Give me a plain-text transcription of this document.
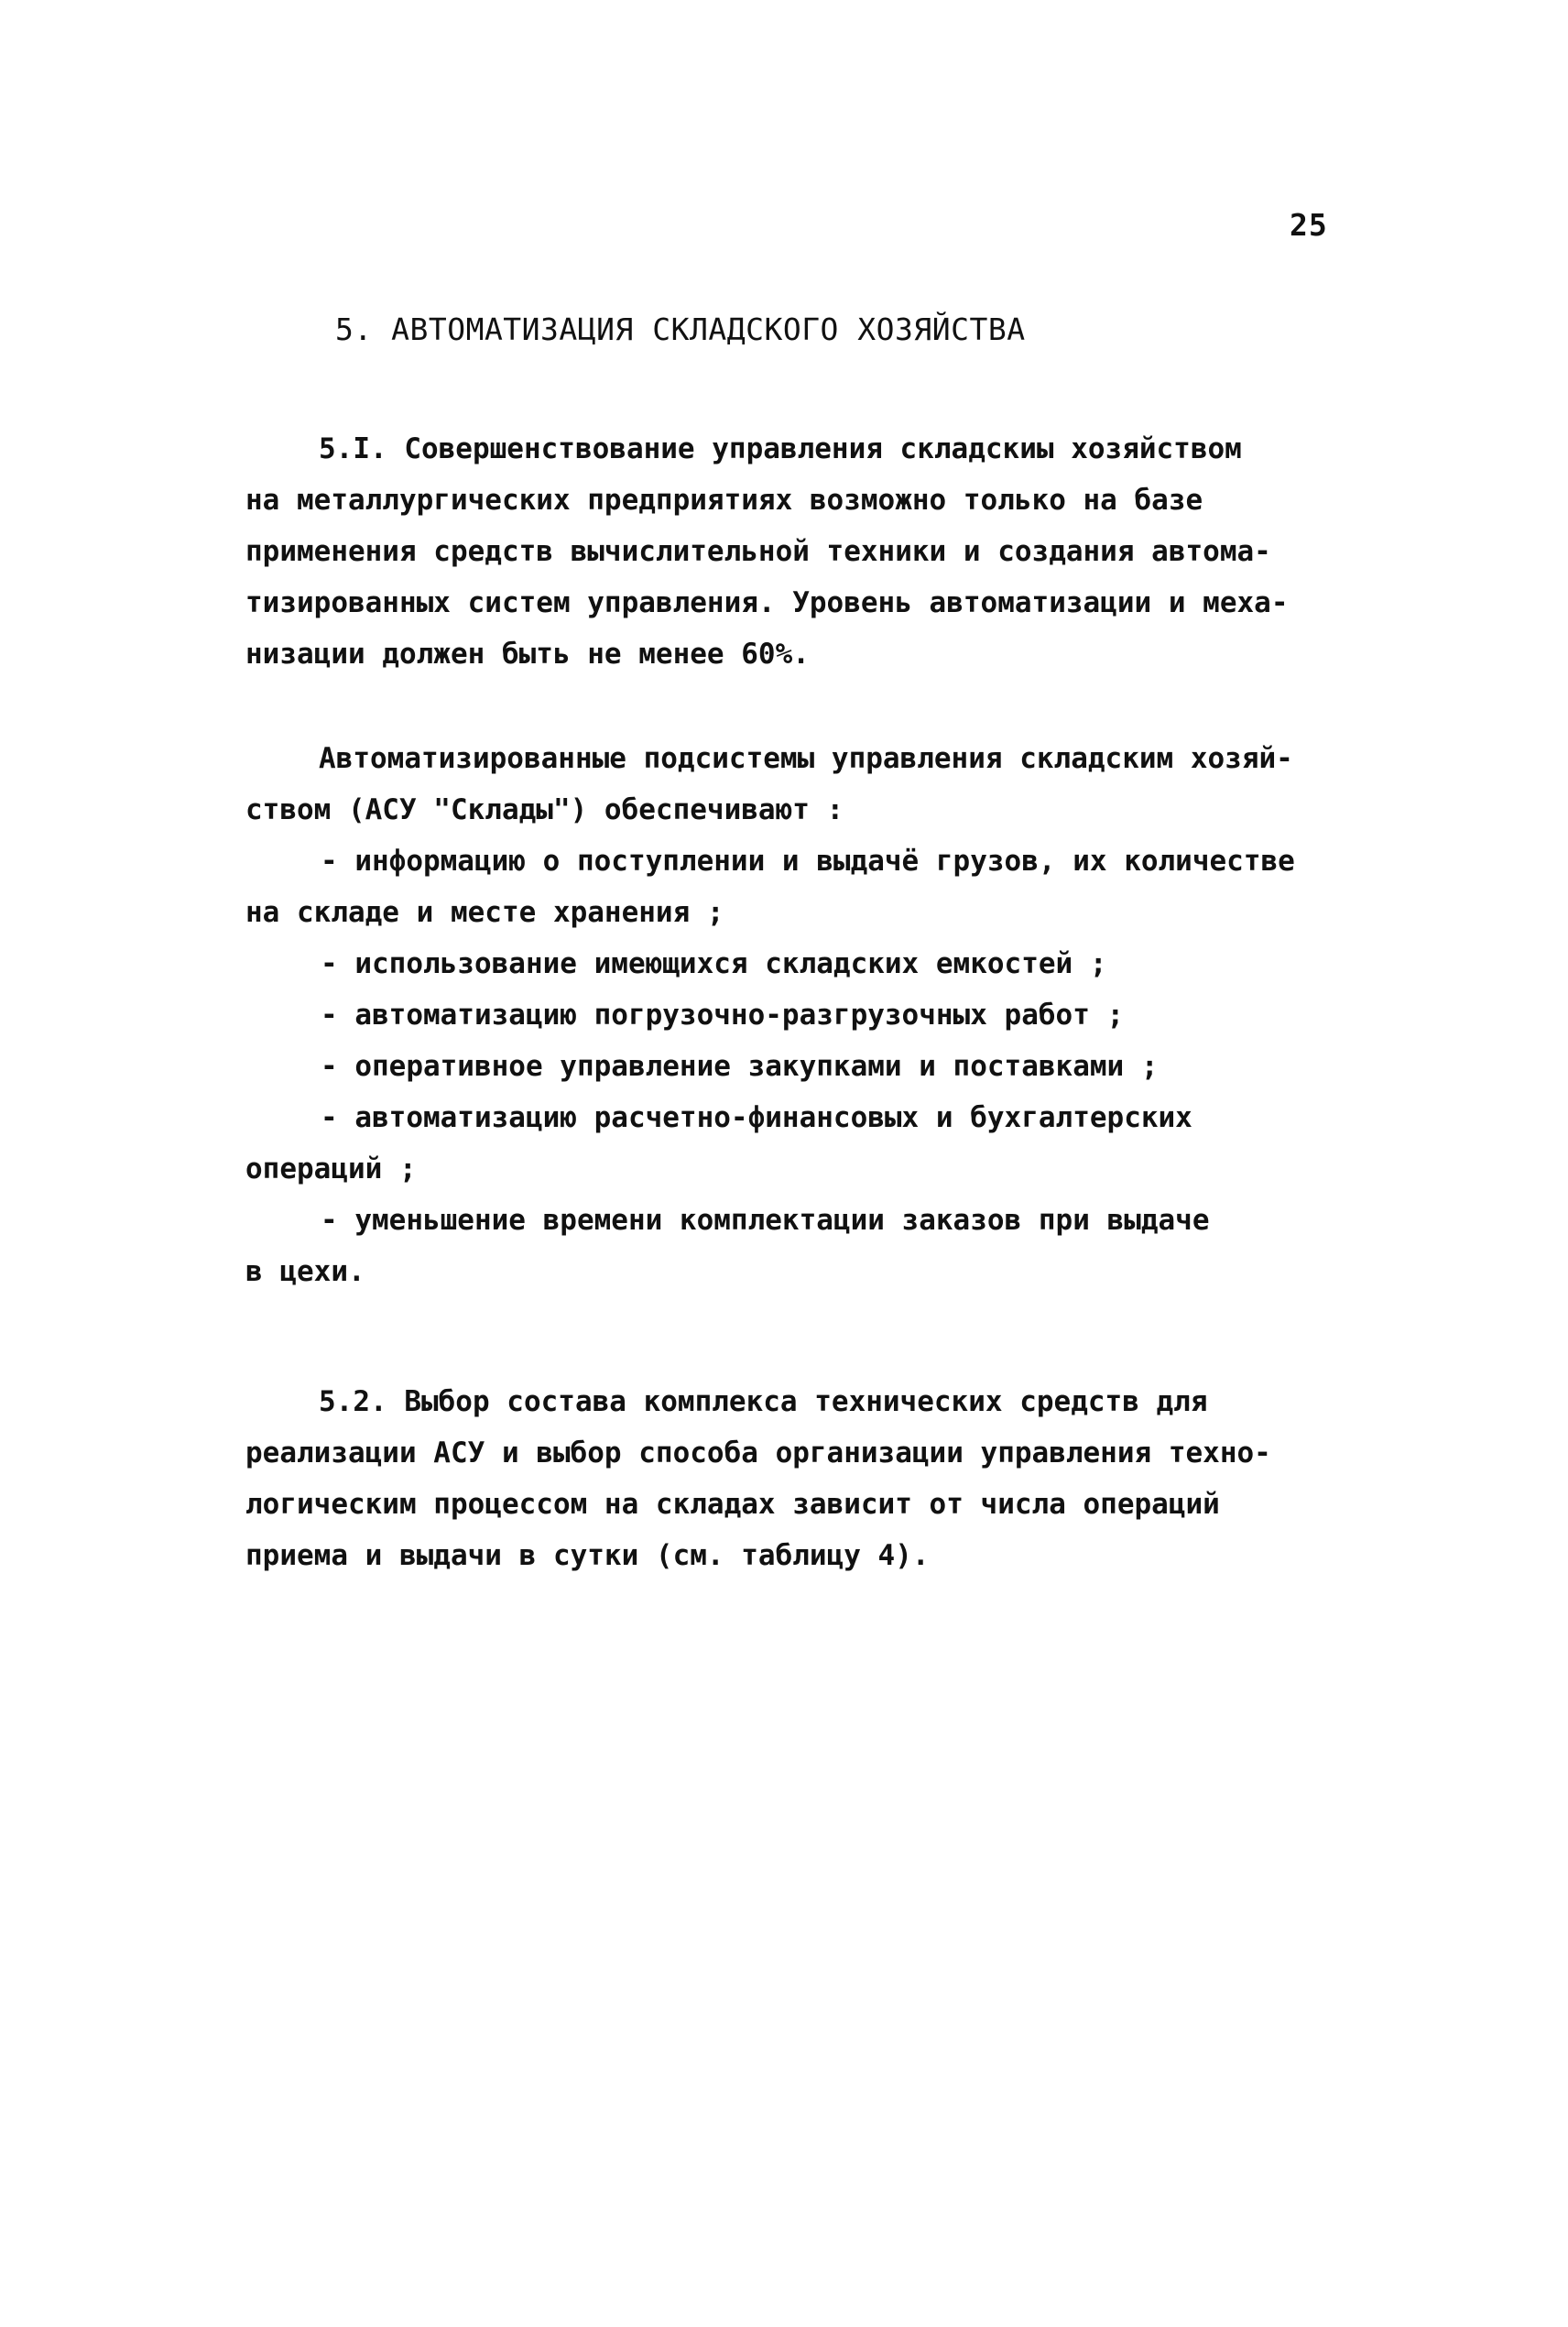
25
5. АВТОМАТИЗАЦИЯ СКЛАДСКОГО ХОЗЯЙСТВА
5.I. Совершенствование управления складскиы хозяйством
на металлургических предприятиях возможно только на базе
применения средств вычислительной техники и создания автома-
тизированных систем управления. Уровень автоматизации и меха-
низации должен быть не менее 60%.
Автоматизированные подсистемы управления складским хозяй-
ством (АСУ "Склады") обеспечивают :
- информацию о поступлении и выдачё грузов, их количестве
на складе и месте хранения ;
- использование имеющихся складских емкостей ;
- автоматизацию погрузочно-разгрузочных работ ;
- оперативное управление закупками и поставками ;
- автоматизацию расчетно-финансовых и бухгалтерских
операций ;
- уменьшение времени комплектации заказов при выдаче
в цехи.
5.2. Выбор состава комплекса технических средств для
реализации АСУ и выбор способа организации управления техно-
логическим процессом на складах зависит от числа операций
приема и выдачи в сутки (см. таблицу 4).
